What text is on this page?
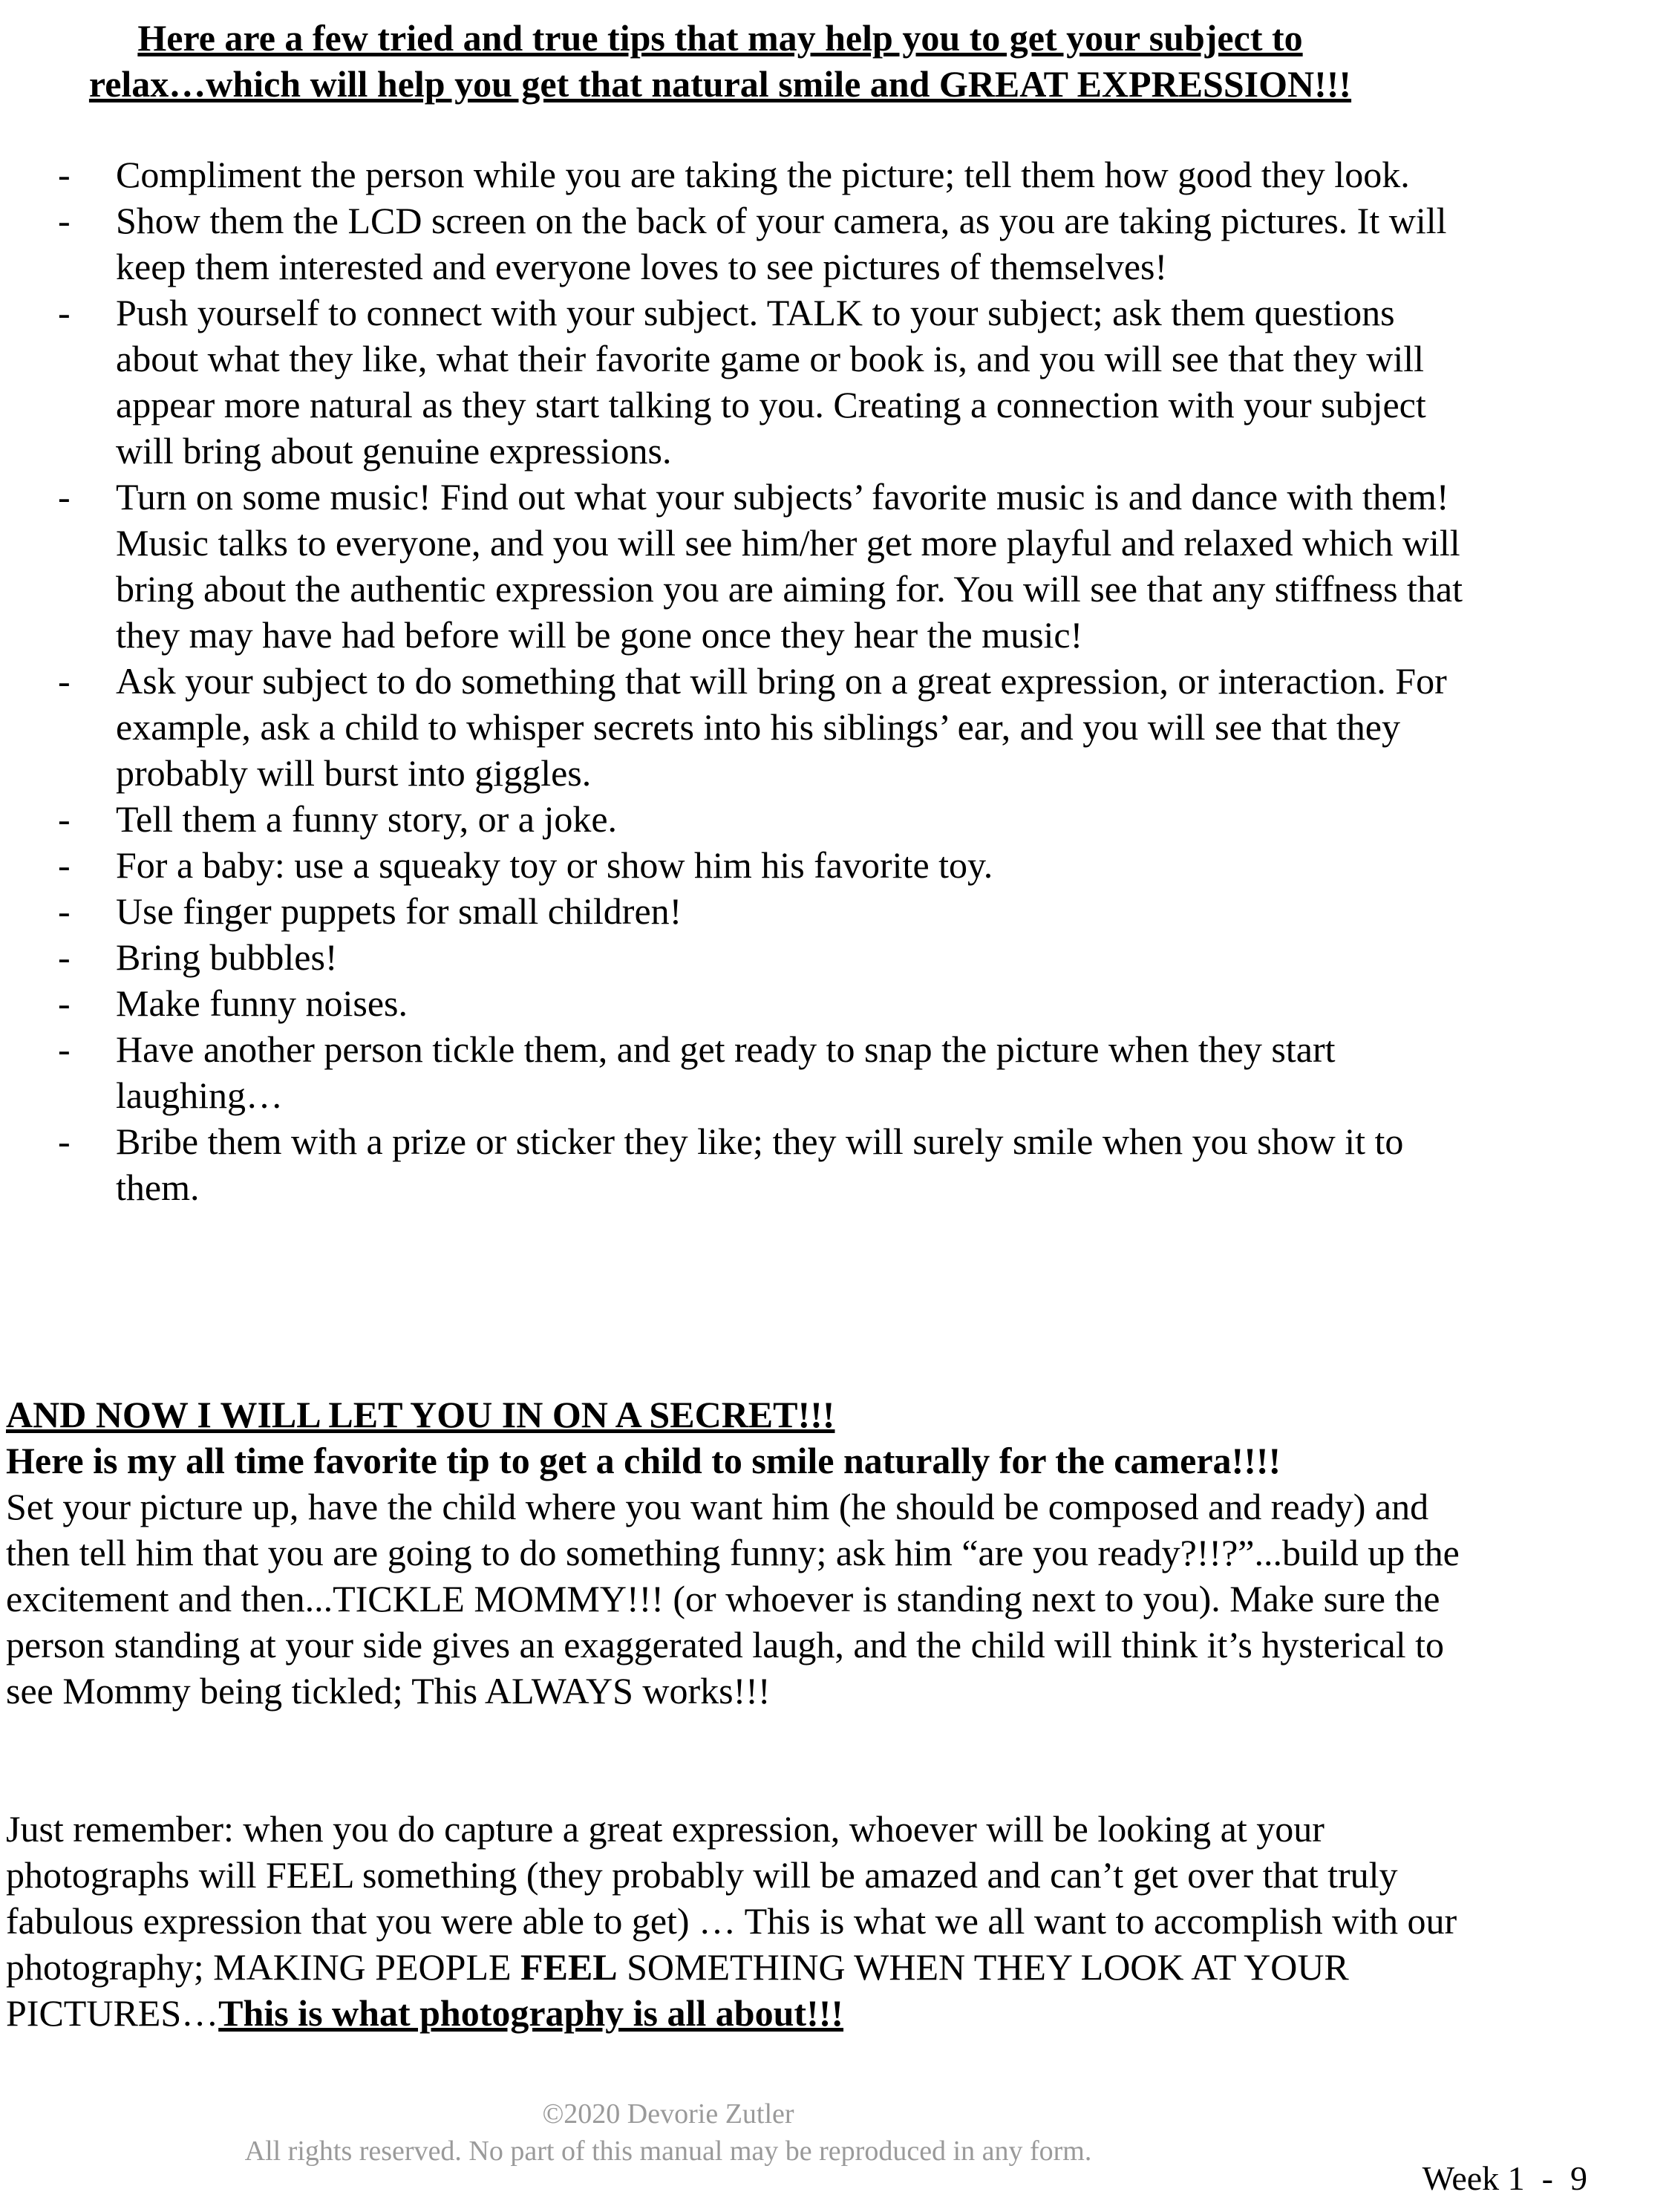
Here are a few tried and true tips that may help you to get your subject to
relax…which will help you get that natural smile and GREAT EXPRESSION!!!
- Compliment the person while you are taking the picture; tell them how good they look.
- Show them the LCD screen on the back of your camera, as you are taking pictures. It will keep them interested and everyone loves to see pictures of themselves!
- Push yourself to connect with your subject. TALK to your subject; ask them questions about what they like, what their favorite game or book is, and you will see that they will appear more natural as they start talking to you. Creating a connection with your subject will bring about genuine expressions.
- Turn on some music! Find out what your subjects’ favorite music is and dance with them! Music talks to everyone, and you will see him/her get more playful and relaxed which will bring about the authentic expression you are aiming for. You will see that any stiffness that they may have had before will be gone once they hear the music!
- Ask your subject to do something that will bring on a great expression, or interaction. For example, ask a child to whisper secrets into his siblings’ ear, and you will see that they probably will burst into giggles.
- Tell them a funny story, or a joke.
- For a baby: use a squeaky toy or show him his favorite toy.
- Use finger puppets for small children!
- Bring bubbles!
- Make funny noises.
- Have another person tickle them, and get ready to snap the picture when they start laughing…
- Bribe them with a prize or sticker they like; they will surely smile when you show it to them.
AND NOW I WILL LET YOU IN ON A SECRET!!!
Here is my all time favorite tip to get a child to smile naturally for the camera!!!!
Set your picture up, have the child where you want him (he should be composed and ready) and then tell him that you are going to do something funny; ask him “are you ready?!!?”...build up the excitement and then...TICKLE MOMMY!!! (or whoever is standing next to you). Make sure the person standing at your side gives an exaggerated laugh, and the child will think it’s hysterical to see Mommy being tickled; This ALWAYS works!!!
Just remember: when you do capture a great expression, whoever will be looking at your photographs will FEEL something (they probably will be amazed and can’t get over that truly fabulous expression that you were able to get) … This is what we all want to accomplish with our photography; MAKING PEOPLE FEEL SOMETHING WHEN THEY LOOK AT YOUR PICTURES…This is what photography is all about!!!
©2020 Devorie Zutler
All rights reserved. No part of this manual may be reproduced in any form.
Week 1  -  9
